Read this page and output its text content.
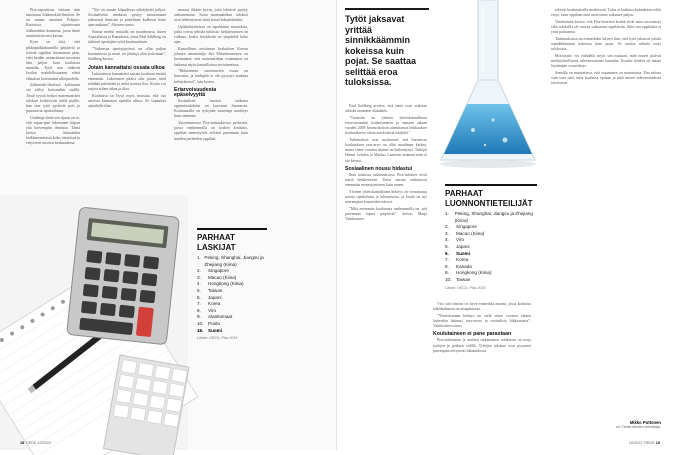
Pisa-raporttisaa viittaan niin sanottuun Jokkenskiin-ilmiöön. Se on saanut nimensä Pohjois-Ruotsissa sijaitsevasta Jokkmokkin kunnasta, jossa ilmiö tunnistettiin ensi kertaa.

Kyse on siitä, että pikkupaikkakunnilla pärjääviä ja terävät oppilaat huomaavat pian, ettei heidän osaamistaan arvosteta niin paljon kuin kouluissa muualla. Tytöt taas näkevät koulun mahdollisuutena edetä elämässä kotiseudun ulkopuolella.

Jokkmokk-ilmiössä kulttuurin ote säilyy kotiseudun sisällä. Tästä syystä heikot matemaattiset tulokset keskittyvät siellä pojille, kun taas tytöt pyrkivät pois ja panostavat opintoihinsa.

Uudempi ilmiö sen sijaan on se, että vapaa-ajan lukeminen hiipuu yhä harvempiin ihmisiin. Tämä kertoo lukutaidon heikkenemisestä koko väestössä ja erityisesti nuorten keskuudessa.

”Nyt on muuta kilpailevaa viihdykettä paljon. Sosiaalisesta mediasta pystyy tutustumaan jatkuvasti ihmisiin ja puhelimet kulkevat koko ajan mukana”, Ahonen sanoo.

Samaa mieltä muualla on maailmassa, kuten Australiassa ja Kanadassa, jossa Paul Sahlberg on tutkinut opettajien työtä kuukausittain.

”Vaikeassa opettajatyössä on ollut paljon kuormitusta ja moni on jättänyt alan kokonaan”, Sahlberg kertoo.

Jotain kannattaisi ossata ulkoa

Lukutaitoon kannattaisi satsata koulussa entistä enemmän. Lukemisen pitäisi olla jotain, mitä tehdään päivittäin ja mikä tuottaa iloa. Koulu voi tarjota siihen aikaa ja tilaa.

Kouluissa on hyvä myös muistaa, että osa asioista kannattaa opetella ulkoa. Se vapauttaa ajattelulle tilaa.

maassa tiltään hyvin, jotta tehtäviä pystyy ratkaisemaan. Tosin matematiikan tulokset ovat heikentyneet siinä missä lukutaidonkin.

Opiskelutaitoissa on tapahtunut muutoksia, jotka voivat selittää tuloksia: keskittyminen on vaikeaa, koska ärsykkeitä on ympärillä koko ajan.

Kansallisen arvioinnin keskuksen Karvin johtava asiantuntija Jari Metsämuuronen on huomannut, että matematiikan osaaminen on laskenut myös kansallisissa arvioinneissa.

”Heikommin suoriutuvien osuus on kasvanut, ja kärkipää ei ole pysynyt mukana kehityksessä”, hän kertoo.

Eriarvoisuudesta epäselvyyttä

Sosiaalisen taustan vaikutus oppimistuloksiin on kasvanut Suomessa. Kotitaustalla on nykyään suurempi merkitys kuin aiemmin.

Tuoreimmassa Pisa-mittauksessa perheistä, joissa vanhemmilla on korkea koulutus, oppilaat menestyivät selvästi paremmin kuin muiden perheiden oppilaat.

PARHAAT LASKIJAT
1. Peking, Shanghai, Jiangsu ja Zhejiang (Kiina)
2.	Singapore
3.	Macao (Kiina)
4.	Hongkong (Kiina)
5.	Taiwan
6.	Japani
7.	Korea
8.	Viro
9.	Alankomaat
10.	Puola
16.	Suomi
Lähde: OECD, Pisa 2018
18 TIEDE 10/2022
Tytöt jaksavat yrittää sinnikkäämmin kokeissa kuin pojat. Se saattaa selittää eroa tuloksissa.

Paul Sahlberg arvelee, että tämä voisi osaltaan selittää maamme alamäkeä.

”Tuuttailu on yleinen yhteiskunnallinen eriarvoisuuden lisääntyminen ja samaan aikaan vuoden 2008 finanssikriisin aiheuttamat leikkaukset koulutukseen olivat merkittäviä tekijöitä.”

Tutkimukset ovat osoittaneet, että Suomessa koulutuksen tasa-arvo on ollut maailman kärkeä, mutta viime vuosina tilanne on heikentynyt. Tutkijat Hannu Lehdon ja Markus Laanisen mukaan näin ei ole käynyt.

Sosiaalinen nousu hidastui

Ihan kaikissa tutkimuksissa Pisa-tulokset eivät näytä heikkenevän. Tietyt taustat vaikuttavat enemmän menestymiseen kuin ennen.

Yleinen yhteiskunnallinen kehitys on vieroittanut nuoria opiskelusta ja lukemisesta, ja koulu on nyt suurempien haasteiden edessä.

”Mitä enemmän koulutusta vanhemmilla on, sitä paremmin lapset pärjäävät”, kertoo Marja Vainikainen.

PARHAAT LUONNONTIETEILIJÄT
1.	Peking, Shanghai, Jiangsu ja Zhejiang (Kiina)
2.	Singapore
3.	Macao (Kiina)
4.	Viro
5.	Japani
6.	Suomi
7.	Korea
8.	Kanada
9.	Hongkong (Kiina)
10.	Taiwan
Lähde: OECD, Pisa 2018

Viro sitä vastoin on hyvä esimerkki maasta, jossa koulutus näkökulmasta on tasapainossa.

”Yhteiskunnan kehitys on vielä viime vuosien aikana kuitenkin lisännyt tasa-arvoa ja sosiaalista liikkuvuutta”, Vainikainen sanoo.

Koulutaineen ei pane parastaan

Pisa-mittausten ja muiden tutkimusten tuloksissa on eroja tyttöjen ja poikien välillä. Tyttöjen tulokset ovat pysyneet parempina erityisesti lukutaidossa.

tekevät koulutuksella merkitystä. Tulos ei kaikissa kuitenkaan selitä eroja, vaan oppilaan oma motivaatio ratkaisee paljon.

Vainikainen kertoo, että Pisa-testeissä koulut eivät anna arvosanoja eikä tuloksilla ole suoraa vaikutusta oppilaisiin. Siksi osa oppilaista ei yritä parhaansa.

Tutkimuksissa on esimerkiksi käynyt ilmi, että tytöt jaksavat yrittää sinnikkäämmin kokeissa kuin pojat. Se saattaa selittää eroja tuloksissa.

Motivaatio voi vaihdella myös sen mukaan, mitä nuoret pitävät merkityksellisenä tulevaisuutensa kannalta. Koulun tehtävä on auttaa löytämään se merkitys.

Samalla on muistettava, että osaaminen on moninaista. Pisa mittaa vain osaa siitä, mitä koulussa opitaan ja mitä nuoret tulevaisuudessa tarvitsevat.

Mikko Puttonen
on Tiede-lehden toimittaja.
10/2022 TIEDE 19
